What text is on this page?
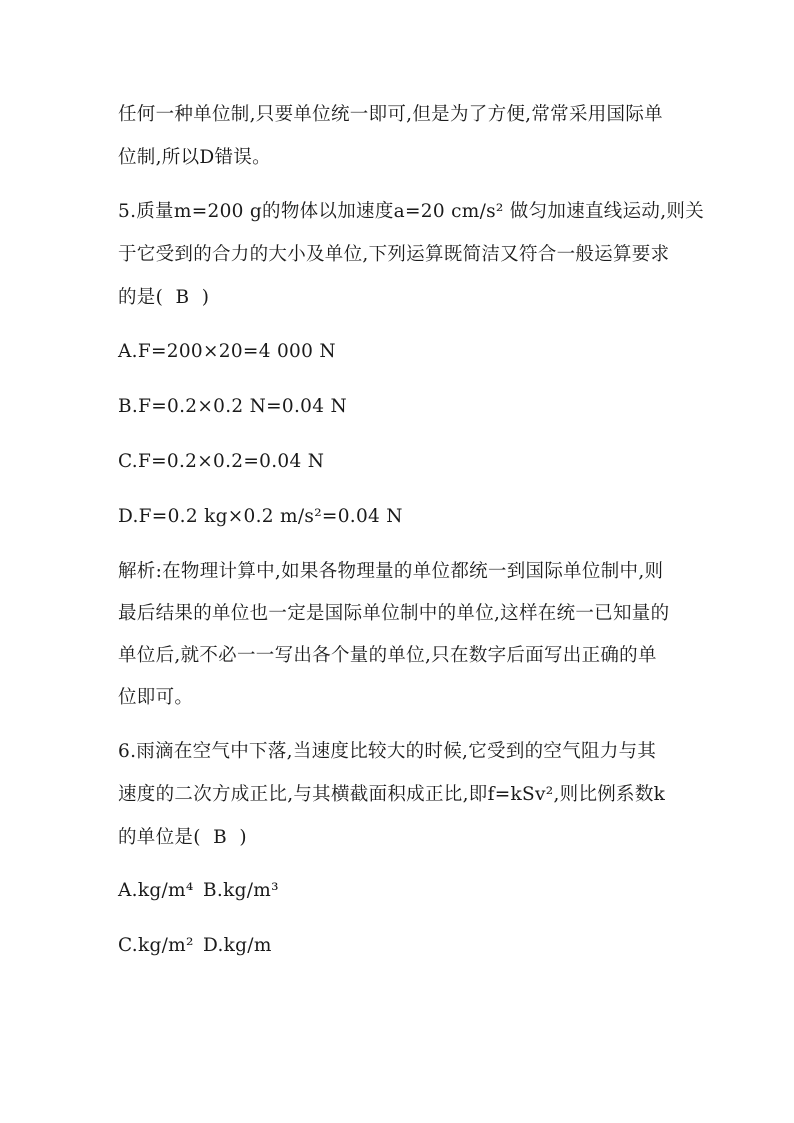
任何一种单位制,只要单位统一即可,但是为了方便,常常采用国际单
位制,所以D错误。
5.质量m=200 g的物体以加速度a=20 cm/s² 做匀加速直线运动,则关
于它受到的合力的大小及单位,下列运算既简洁又符合一般运算要求
的是(  B  )
A.F=200×20=4 000 N
B.F=0.2×0.2 N=0.04 N
C.F=0.2×0.2=0.04 N
D.F=0.2 kg×0.2 m/s²=0.04 N
解析:在物理计算中,如果各物理量的单位都统一到国际单位制中,则
最后结果的单位也一定是国际单位制中的单位,这样在统一已知量的
单位后,就不必一一写出各个量的单位,只在数字后面写出正确的单
位即可。
6.雨滴在空气中下落,当速度比较大的时候,它受到的空气阻力与其
速度的二次方成正比,与其横截面积成正比,即f=kSv²,则比例系数k
的单位是(  B  )
A.kg/m⁴ B.kg/m³
C.kg/m² D.kg/m
